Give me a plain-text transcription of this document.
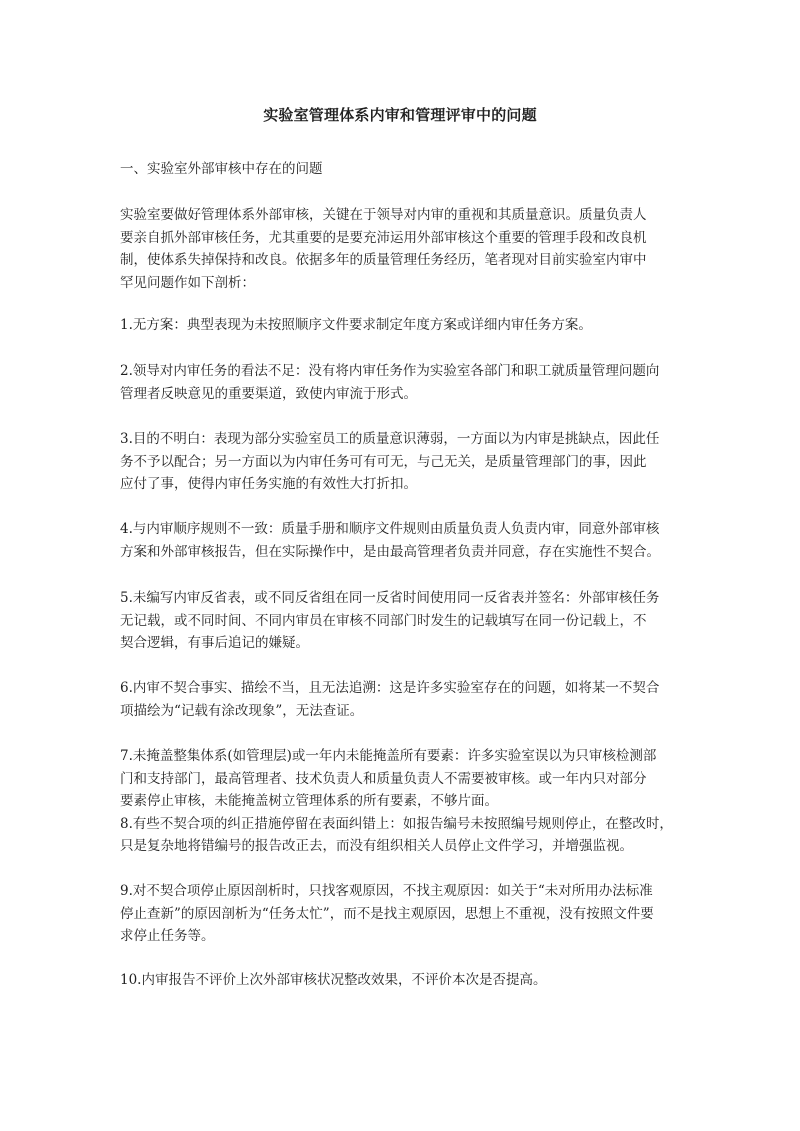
实验室管理体系内审和管理评审中的问题
一、实验室外部审核中存在的问题
实验室要做好管理体系外部审核，关键在于领导对内审的重视和其质量意识。质量负责人
要亲自抓外部审核任务，尤其重要的是要充沛运用外部审核这个重要的管理手段和改良机
制，使体系失掉保持和改良。依据多年的质量管理任务经历，笔者现对目前实验室内审中
罕见问题作如下剖析：
1.无方案：典型表现为未按照顺序文件要求制定年度方案或详细内审任务方案。
2.领导对内审任务的看法不足：没有将内审任务作为实验室各部门和职工就质量管理问题向
管理者反映意见的重要渠道，致使内审流于形式。
3.目的不明白：表现为部分实验室员工的质量意识薄弱，一方面以为内审是挑缺点，因此任
务不予以配合；另一方面以为内审任务可有可无，与己无关，是质量管理部门的事，因此
应付了事，使得内审任务实施的有效性大打折扣。
4.与内审顺序规则不一致：质量手册和顺序文件规则由质量负责人负责内审，同意外部审核
方案和外部审核报告，但在实际操作中，是由最高管理者负责并同意，存在实施性不契合。
5.未编写内审反省表，或不同反省组在同一反省时间使用同一反省表并签名：外部审核任务
无记载，或不同时间、不同内审员在审核不同部门时发生的记载填写在同一份记载上，不
契合逻辑，有事后追记的嫌疑。
6.内审不契合事实、描绘不当，且无法追溯：这是许多实验室存在的问题，如将某一不契合
项描绘为“记载有涂改现象”，无法查证。
7.未掩盖整集体系(如管理层)或一年内未能掩盖所有要素：许多实验室误以为只审核检测部
门和支持部门，最高管理者、技术负责人和质量负责人不需要被审核。或一年内只对部分
要素停止审核，未能掩盖树立管理体系的所有要素，不够片面。
8.有些不契合项的纠正措施停留在表面纠错上：如报告编号未按照编号规则停止，在整改时，
只是复杂地将错编号的报告改正去，而没有组织相关人员停止文件学习，并增强监视。
9.对不契合项停止原因剖析时，只找客观原因，不找主观原因：如关于“未对所用办法标准
停止查新”的原因剖析为“任务太忙”，而不是找主观原因，思想上不重视，没有按照文件要
求停止任务等。
10.内审报告不评价上次外部审核状况整改效果，不评价本次是否提高。
